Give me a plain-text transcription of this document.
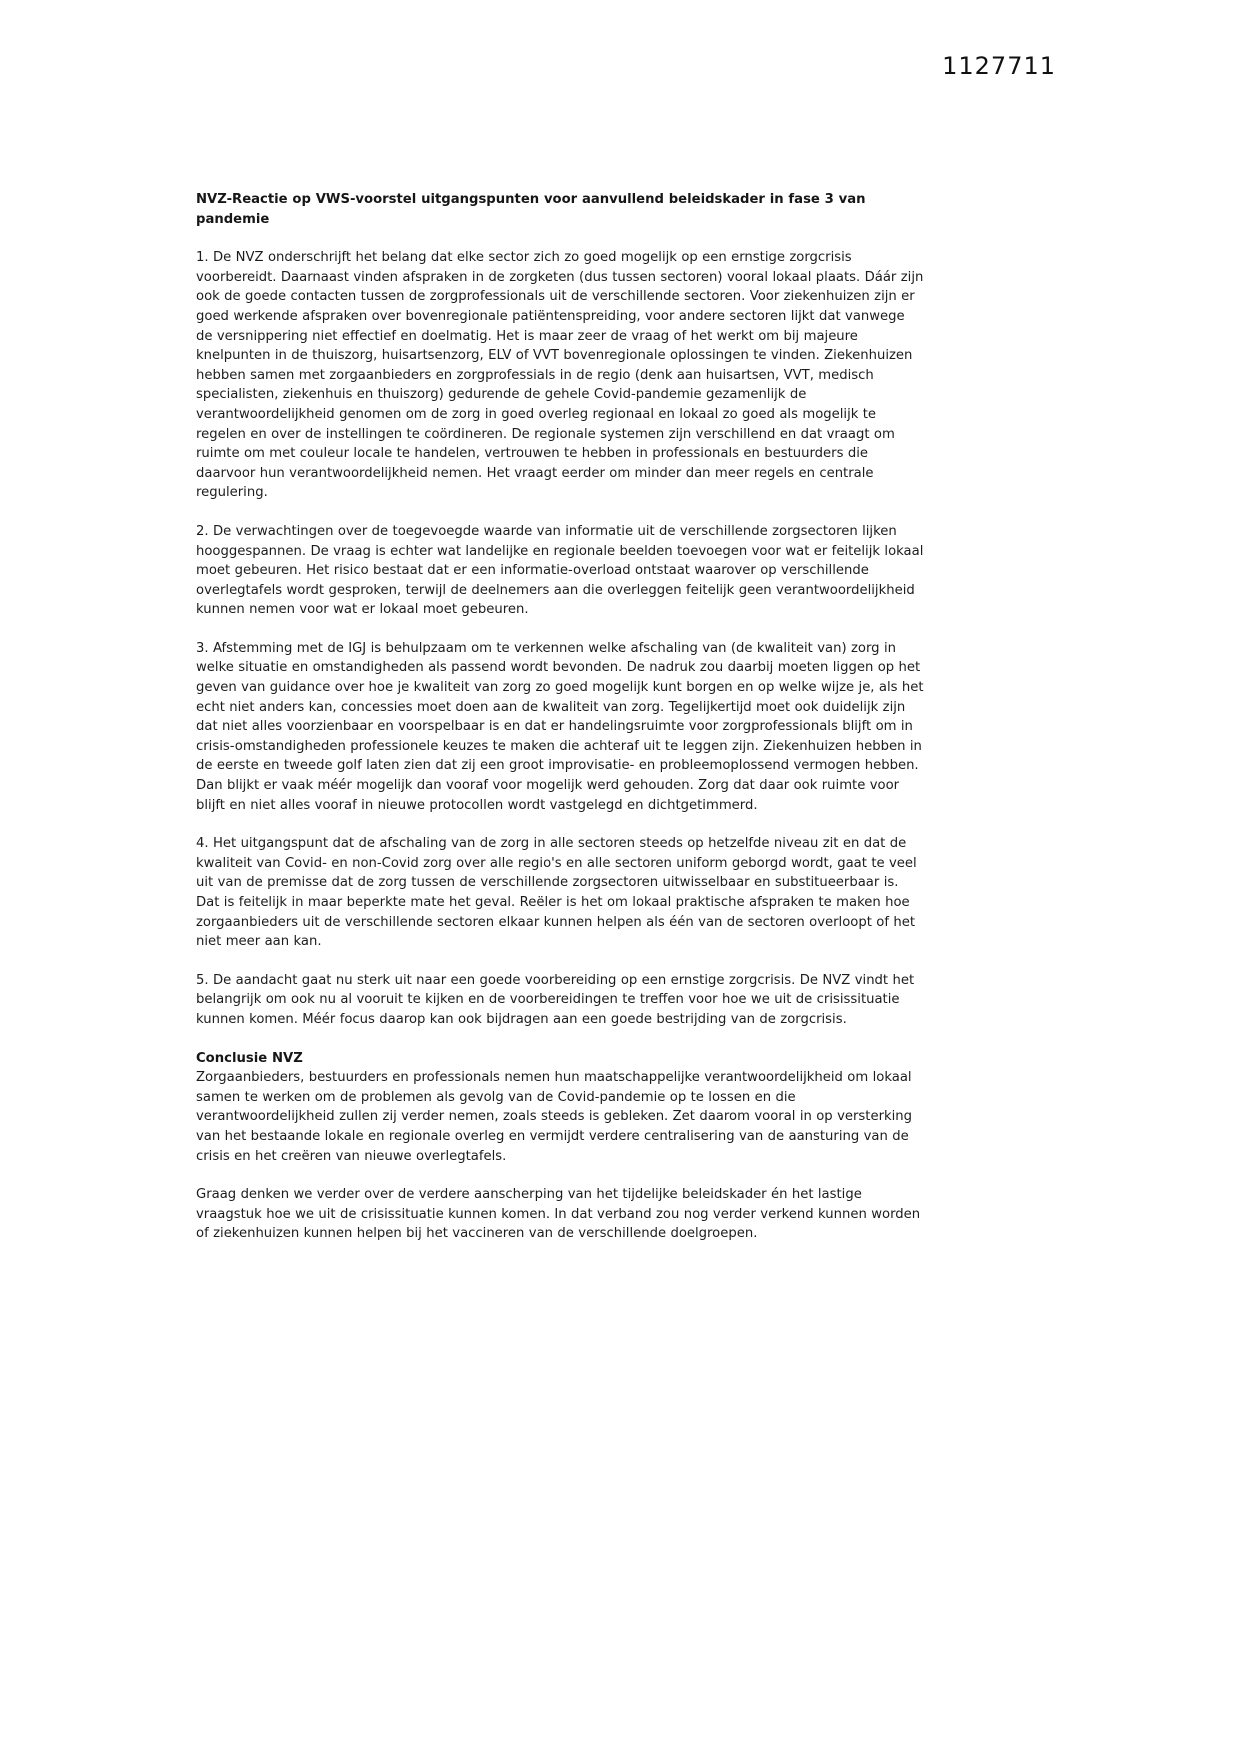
1127711
NVZ-Reactie op VWS-voorstel uitgangspunten voor aanvullend beleidskader in fase 3 van pandemie

1. De NVZ onderschrijft het belang dat elke sector zich zo goed mogelijk op een ernstige zorgcrisis voorbereidt. Daarnaast vinden afspraken in de zorgketen (dus tussen sectoren) vooral lokaal plaats. Dáár zijn ook de goede contacten tussen de zorgprofessionals uit de verschillende sectoren. Voor ziekenhuizen zijn er goed werkende afspraken over bovenregionale patiëntenspreiding, voor andere sectoren lijkt dat vanwege de versnippering niet effectief en doelmatig. Het is maar zeer de vraag of het werkt om bij majeure knelpunten in de thuiszorg, huisartsenzorg, ELV of VVT bovenregionale oplossingen te vinden. Ziekenhuizen hebben samen met zorgaanbieders en zorgprofessials in de regio (denk aan huisartsen, VVT, medisch specialisten, ziekenhuis en thuiszorg) gedurende de gehele Covid-pandemie gezamenlijk de verantwoordelijkheid genomen om de zorg in goed overleg regionaal en lokaal zo goed als mogelijk te regelen en over de instellingen te coördineren. De regionale systemen zijn verschillend en dat vraagt om ruimte om met couleur locale te handelen, vertrouwen te hebben in professionals en bestuurders die daarvoor hun verantwoordelijkheid nemen. Het vraagt eerder om minder dan meer regels en centrale regulering.

2. De verwachtingen over de toegevoegde waarde van informatie uit de verschillende zorgsectoren lijken hooggespannen. De vraag is echter wat landelijke en regionale beelden toevoegen voor wat er feitelijk lokaal moet gebeuren. Het risico bestaat dat er een informatie-overload ontstaat waarover op verschillende overlegtafels wordt gesproken, terwijl de deelnemers aan die overleggen feitelijk geen verantwoordelijkheid kunnen nemen voor wat er lokaal moet gebeuren.

3. Afstemming met de IGJ is behulpzaam om te verkennen welke afschaling van (de kwaliteit van) zorg in welke situatie en omstandigheden als passend wordt bevonden. De nadruk zou daarbij moeten liggen op het geven van guidance over hoe je kwaliteit van zorg zo goed mogelijk kunt borgen en op welke wijze je, als het echt niet anders kan, concessies moet doen aan de kwaliteit van zorg. Tegelijkertijd moet ook duidelijk zijn dat niet alles voorzienbaar en voorspelbaar is en dat er handelingsruimte voor zorgprofessionals blijft om in crisis-omstandigheden professionele keuzes te maken die achteraf uit te leggen zijn. Ziekenhuizen hebben in de eerste en tweede golf laten zien dat zij een groot improvisatie- en probleemoplossend vermogen hebben. Dan blijkt er vaak méér mogelijk dan vooraf voor mogelijk werd gehouden. Zorg dat daar ook ruimte voor blijft en niet alles vooraf in nieuwe protocollen wordt vastgelegd en dichtgetimmerd.

4. Het uitgangspunt dat de afschaling van de zorg in alle sectoren steeds op hetzelfde niveau zit en dat de kwaliteit van Covid- en non-Covid zorg over alle regio's en alle sectoren uniform geborgd wordt, gaat te veel uit van de premisse dat de zorg tussen de verschillende zorgsectoren uitwisselbaar en substitueerbaar is. Dat is feitelijk in maar beperkte mate het geval. Reëler is het om lokaal praktische afspraken te maken hoe zorgaanbieders uit de verschillende sectoren elkaar kunnen helpen als één van de sectoren overloopt of het niet meer aan kan.

5. De aandacht gaat nu sterk uit naar een goede voorbereiding op een ernstige zorgcrisis. De NVZ vindt het belangrijk om ook nu al vooruit te kijken en de voorbereidingen te treffen voor hoe we uit de crisissituatie kunnen komen. Méér focus daarop kan ook bijdragen aan een goede bestrijding van de zorgcrisis.

Conclusie NVZ

Zorgaanbieders, bestuurders en professionals nemen hun maatschappelijke verantwoordelijkheid om lokaal samen te werken om de problemen als gevolg van de Covid-pandemie op te lossen en die verantwoordelijkheid zullen zij verder nemen, zoals steeds is gebleken. Zet daarom vooral in op versterking van het bestaande lokale en regionale overleg en vermijdt verdere centralisering van de aansturing van de crisis en het creëren van nieuwe overlegtafels.

Graag denken we verder over de verdere aanscherping van het tijdelijke beleidskader én het lastige vraagstuk hoe we uit de crisissituatie kunnen komen. In dat verband zou nog verder verkend kunnen worden of ziekenhuizen kunnen helpen bij het vaccineren van de verschillende doelgroepen.
